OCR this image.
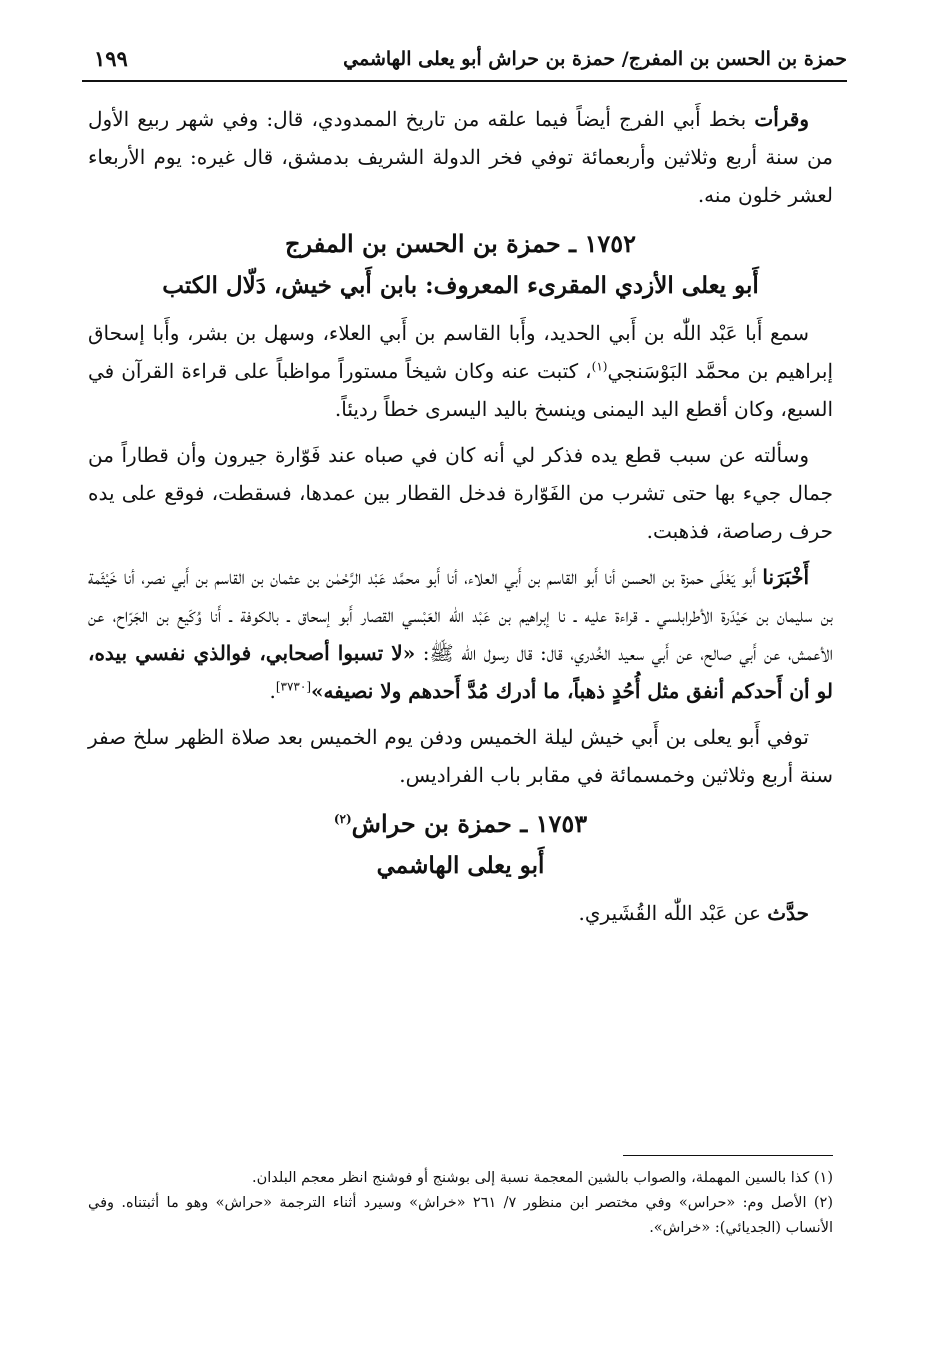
حمزة بن الحسن بن المفرج/ حمزة بن حراش أبو يعلى الهاشمي
١٩٩

وقرأت بخط أَبي الفرج أيضاً فيما علقه من تاريخ الممدودي، قال: وفي شهر ربيع الأول من سنة أربع وثلاثين وأربعمائة توفي فخر الدولة الشريف بدمشق، قال غيره: يوم الأربعاء لعشر خلون منه.

١٧٥٢ ـ حمزة بن الحسن بن المفرج

أَبو يعلى الأزدي المقرىء المعروف: بابن أَبي خيش، دَلّال الكتب

سمع أَبا عَبْد اللّٰه بن أَبي الحديد، وأَبا القاسم بن أَبي العلاء، وسهل بن بشر، وأَبا إسحاق إبراهيم بن محمَّد البَوْسَنجي$^{(١)}$، كتبت عنه وكان شيخاً مستوراً مواظباً على قراءة القرآن في السبع، وكان أقطع اليد اليمنى وينسخ باليد اليسرى خطاً رديئاً.

وسألته عن سبب قطع يده فذكر لي أنه كان في صباه عند فَوّارة جيرون وأن قطاراً من جمال جيء بها حتى تشرب من الفَوّارة فدخل القطار بين عمدها، فسقطت، فوقع على يده حرف رصاصة، فذهبت.

أَخْبَرَنا أَبو يَعْلَى حمزة بن الحسن أنا أَبو القاسم بن أَبي العلاء، أنا أَبو محمَّد عَبْد الرَّحْمٰن بن عثمان بن القاسم بن أَبي نصر، أنا خَيْثَمة بن سليمان بن حَيْدَرة الأطرابلسي ـ قراءة عليه ـ نا إبراهيم بن عَبْد اللّٰه العَبْسي القصار أَبو إسحاق ـ بالكوفة ـ أَنا وُكَيع بن الجَرّاح، عن الأعمش، عن أَبي صالح، عن أَبي سعيد الخُدري، قال: قال رسول اللّٰه ﷺ: «لا تسبوا أصحابي، فوالذي نفسي بيده، لو أن أَحدكم أنفق مثل أُحُدٍ ذهباً، ما أدرك مُدَّ أَحدهم ولا نصيفه»[٣٧٣٠].

توفي أَبو يعلى بن أَبي خيش ليلة الخميس ودفن يوم الخميس بعد صلاة الظهر سلخ صفر سنة أربع وثلاثين وخمسمائة في مقابر باب الفراديس.

١٧٥٣ ـ حمزة بن حراش$^{(٢)}$

أَبو يعلى الهاشمي

حدَّث عن عَبْد اللّٰه القُشَيري.

(١) كذا بالسين المهملة، والصواب بالشين المعجمة نسبة إلى بوشنج أو فوشنج انظر معجم البلدان.

(٢) الأصل وم: «حراس» وفي مختصر ابن منظور ٧/ ٢٦١ «خراش» وسيرد أثناء الترجمة «حراش» وهو ما أثبتناه. وفي الأنساب (الجديائي): «خراش».
